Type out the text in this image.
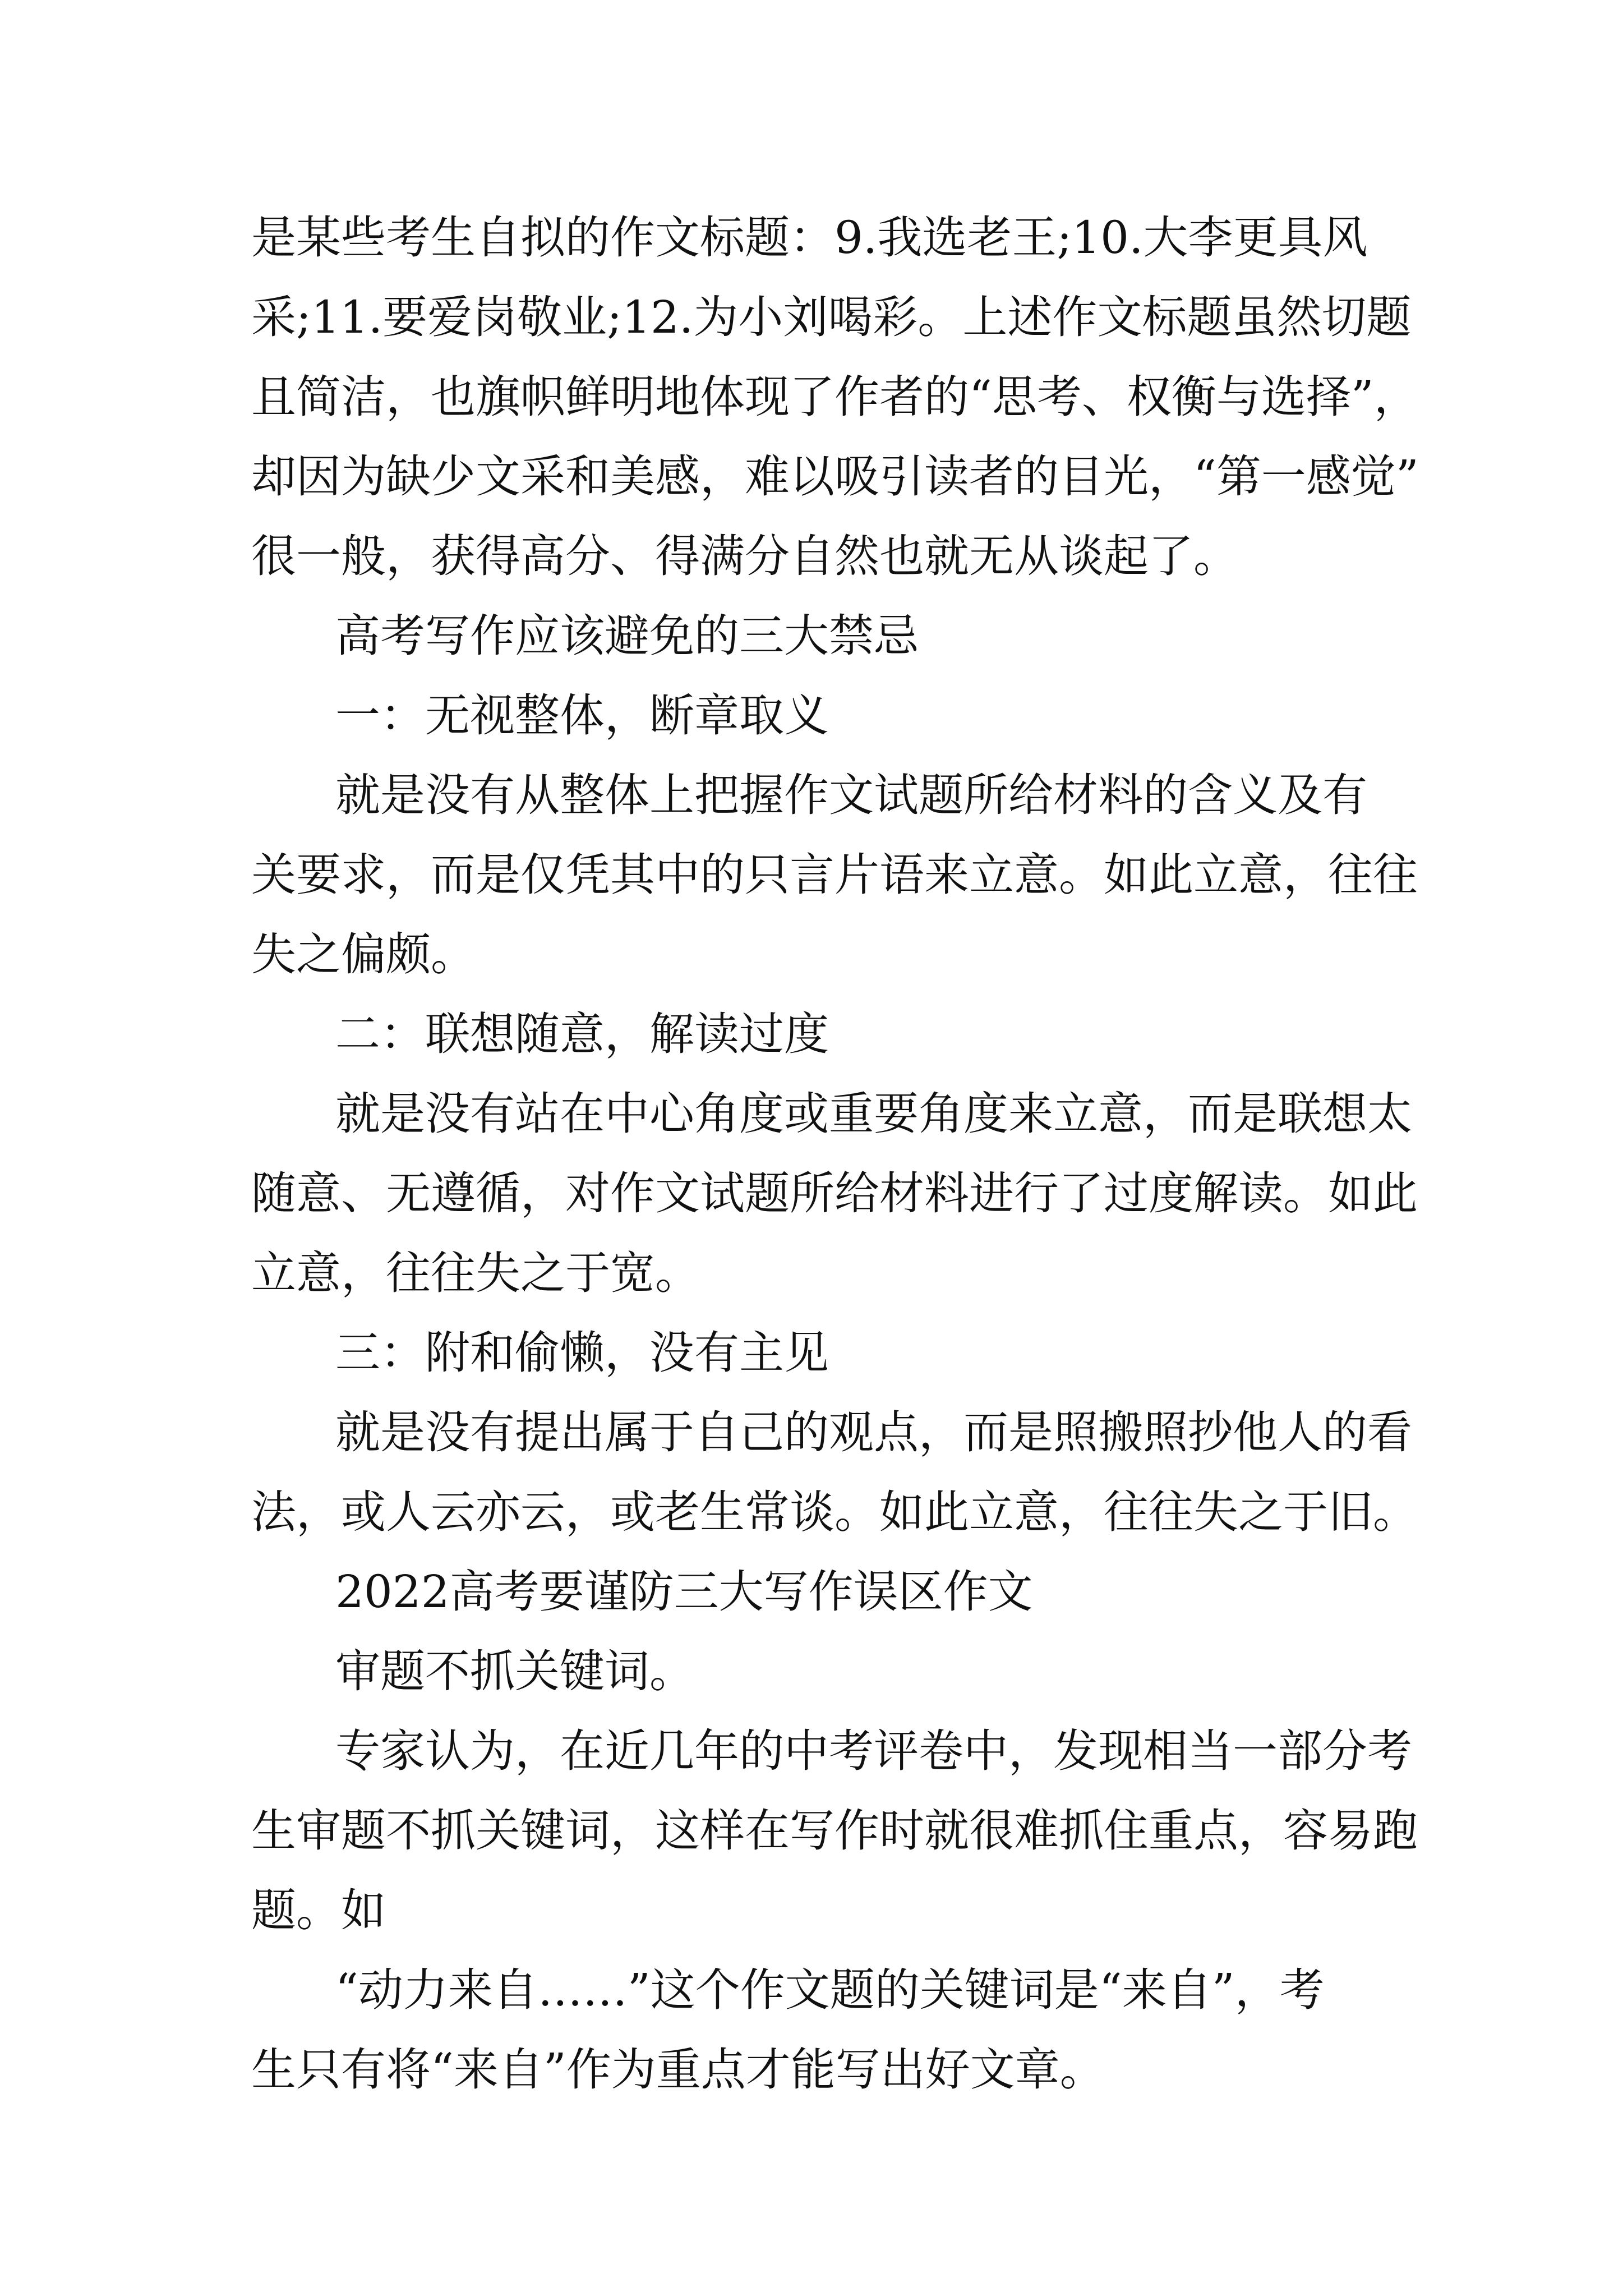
是某些考生自拟的作文标题：9.我选老王;10.大李更具风

采;11.要爱岗敬业;12.为小刘喝彩。上述作文标题虽然切题

且简洁，也旗帜鲜明地体现了作者的“思考、权衡与选择”，

却因为缺少文采和美感，难以吸引读者的目光，“第一感觉”

很一般，获得高分、得满分自然也就无从谈起了。

高考写作应该避免的三大禁忌

一：无视整体，断章取义

就是没有从整体上把握作文试题所给材料的含义及有

关要求，而是仅凭其中的只言片语来立意。如此立意，往往

失之偏颇。

二：联想随意，解读过度

就是没有站在中心角度或重要角度来立意，而是联想太

随意、无遵循，对作文试题所给材料进行了过度解读。如此

立意，往往失之于宽。

三：附和偷懒，没有主见

就是没有提出属于自己的观点，而是照搬照抄他人的看

法，或人云亦云，或老生常谈。如此立意，往往失之于旧。

2022高考要谨防三大写作误区作文

审题不抓关键词。

专家认为，在近几年的中考评卷中，发现相当一部分考

生审题不抓关键词，这样在写作时就很难抓住重点，容易跑

题。如

“动力来自……”这个作文题的关键词是“来自”，考

生只有将“来自”作为重点才能写出好文章。
